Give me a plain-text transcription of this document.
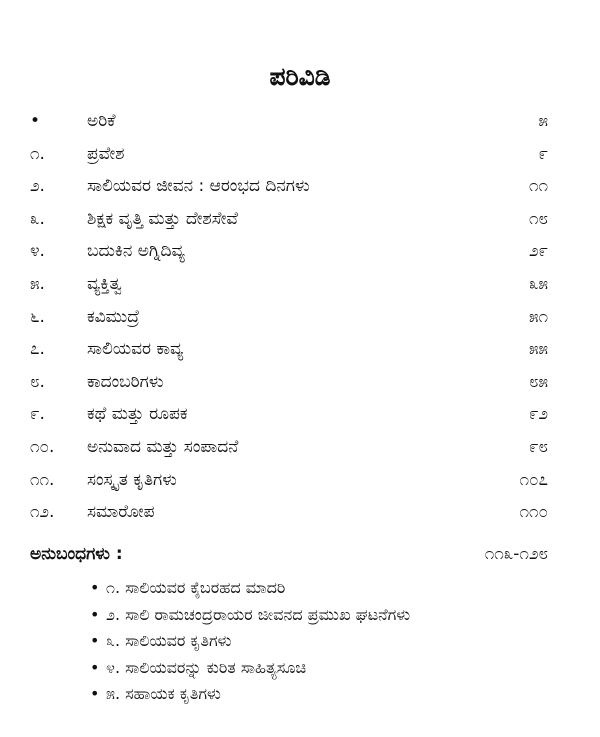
ಪರಿವಿಡಿ
•	ಅರಿಕೆ	೫
೧. ಪ್ರವೇಶ	೯
೨. ಸಾಲಿಯವರ ಜೀವನ : ಆರಂಭದ ದಿನಗಳು	೧೧
೩. ಶಿಕ್ಷಕ ವೃತ್ತಿ ಮತ್ತು ದೇಶಸೇವೆ	೧೮
೪. ಬದುಕಿನ ಅಗ್ನಿದಿವ್ಯ	೨೯
೫. ವ್ಯಕ್ತಿತ್ವ	೩೫
೬. ಕವಿಮುದ್ರೆ	೫೧
೭. ಸಾಲಿಯವರ ಕಾವ್ಯ	೫೫
೮. ಕಾದಂಬರಿಗಳು	೮೫
೯. ಕಥೆ ಮತ್ತು ರೂಪಕ	೯೨
೧೦. ಅನುವಾದ ಮತ್ತು ಸಂಪಾದನೆ	೯೮
೧೧. ಸಂಸ್ಕೃತ ಕೃತಿಗಳು	೧೦೭
೧೨. ಸಮಾರೋಪ	೧೧೦
ಅನುಬಂಧಗಳು :	೧೧೩-೧೨೮
• ೧. ಸಾಲಿಯವರ ಕೈಬರಹದ ಮಾದರಿ
• ೨. ಸಾಲಿ ರಾಮಚಂದ್ರರಾಯರ ಜೀವನದ ಪ್ರಮುಖ ಘಟನೆಗಳು
• ೩. ಸಾಲಿಯವರ ಕೃತಿಗಳು
• ೪. ಸಾಲಿಯವರನ್ನು ಕುರಿತ ಸಾಹಿತ್ಯಸೂಚಿ
• ೫. ಸಹಾಯಕ ಕೃತಿಗಳು
